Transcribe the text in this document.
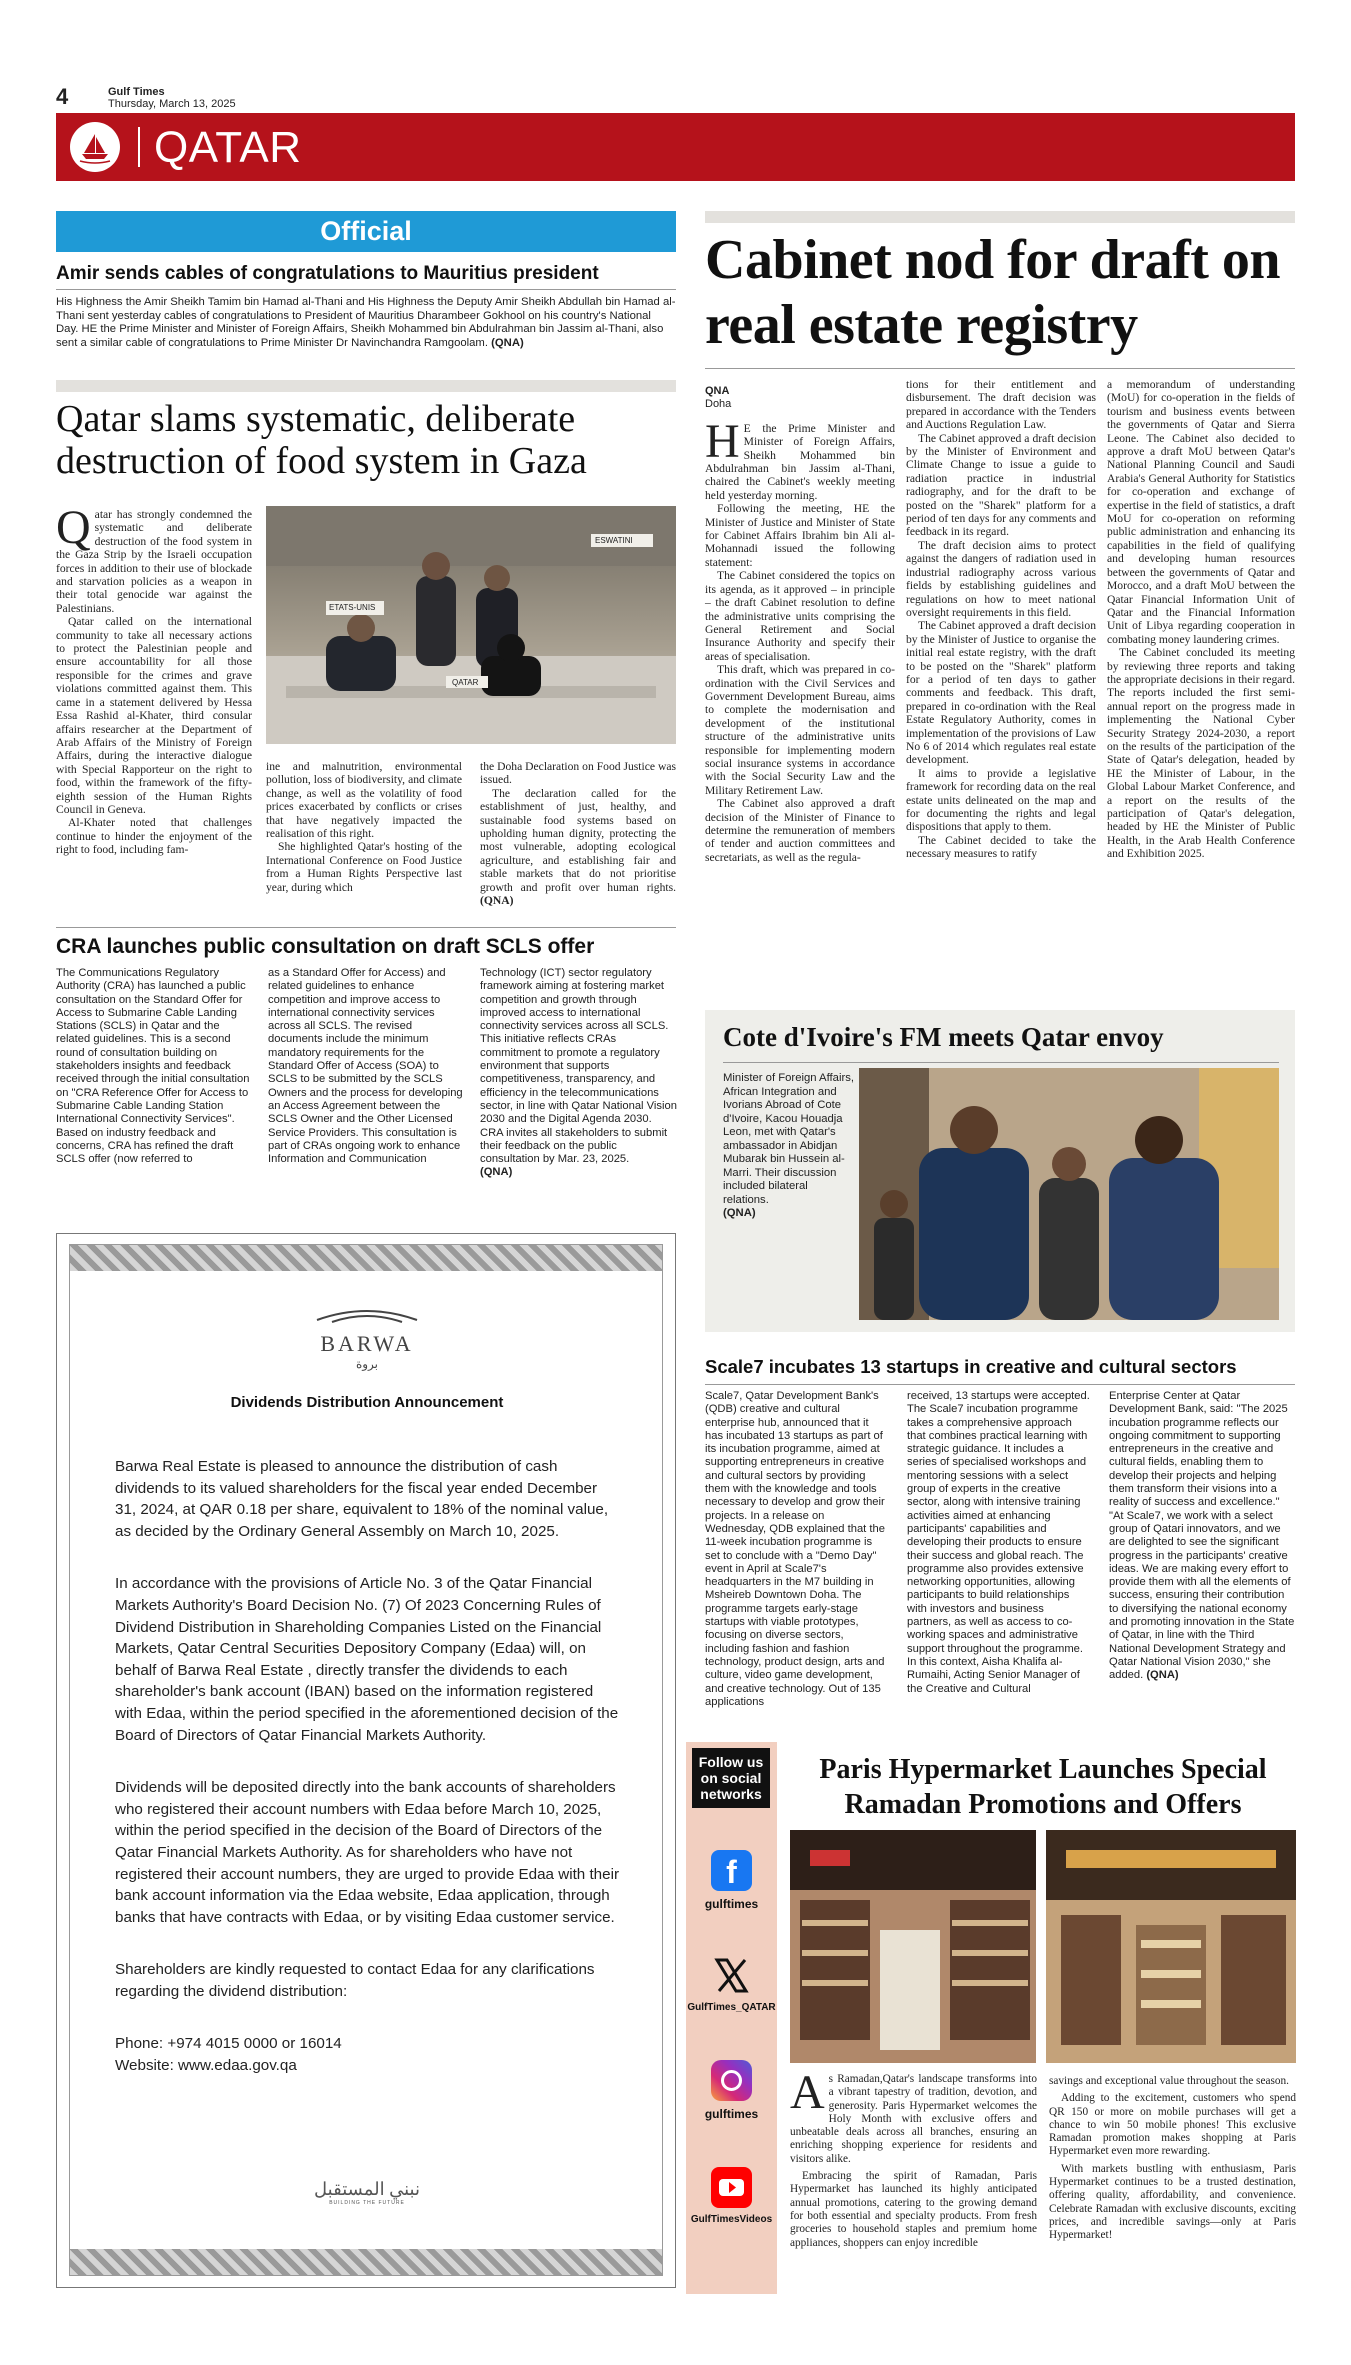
4	Gulf Times
Thursday, March 13, 2025
QATAR
Official
Amir sends cables of congratulations to Mauritius president
His Highness the Amir Sheikh Tamim bin Hamad al-Thani and His Highness the Deputy Amir Sheikh Abdullah bin Hamad al-Thani sent yesterday cables of congratulations to President of Mauritius Dharambeer Gokhool on his country's National Day. HE the Prime Minister and Minister of Foreign Affairs, Sheikh Mohammed bin Abdulrahman bin Jassim al-Thani, also sent a similar cable of congratulations to Prime Minister Dr Navinchandra Ramgoolam. (QNA)
Qatar slams systematic, deliberate destruction of food system in Gaza
Q atar has strongly condemned the systematic and deliberate destruction of the food system in the Gaza Strip by the Israeli occupation forces in addition to their use of blockade and starvation policies as a weapon in their total genocide war against the Palestinians.

Qatar called on the international community to take all necessary actions to protect the Palestinian people and ensure accountability for all those responsible for the crimes and grave violations committed against them. This came in a statement delivered by Hessa Essa Rashid al-Khater, third consular affairs researcher at the Department of Arab Affairs of the Ministry of Foreign Affairs, during the interactive dialogue with Special Rapporteur on the right to food, within the framework of the fifty-eighth session of the Human Rights Council in Geneva.

Al-Khater noted that challenges continue to hinder the enjoyment of the right to food, including fam-

ETATS-UNIS
ESWATINI
QATAR

ine and malnutrition, environmental pollution, loss of biodiversity, and climate change, as well as the volatility of food prices exacerbated by conflicts or crises that have negatively impacted the realisation of this right.

She highlighted Qatar's hosting of the International Conference on Food Justice from a Human Rights Perspective last year, during which

the Doha Declaration on Food Justice was issued.

The declaration called for the establishment of just, healthy, and sustainable food systems based on upholding human dignity, protecting the most vulnerable, adopting ecological agriculture, and establishing fair and stable markets that do not prioritise growth and profit over human rights. (QNA)

CRA launches public consultation on draft SCLS offer
The Communications Regulatory Authority (CRA) has launched a public consultation on the Standard Offer for Access to Submarine Cable Landing Stations (SCLS) in Qatar and the related guidelines. This is a second round of consultation building on stakeholders insights and feedback received through the initial consultation on "CRA Reference Offer for Access to Submarine Cable Landing Station International Connectivity Services". Based on industry feedback and concerns, CRA has refined the draft SCLS offer (now referred to
as a Standard Offer for Access) and related guidelines to enhance competition and improve access to international connectivity services across all SCLS. The revised documents include the minimum mandatory requirements for the Standard Offer of Access (SOA) to SCLS to be submitted by the SCLS Owners and the process for developing an Access Agreement between the SCLS Owner and the Other Licensed Service Providers. This consultation is part of CRAs ongoing work to enhance Information and Communication
Technology (ICT) sector regulatory framework aiming at fostering market competition and growth through improved access to international connectivity services across all SCLS. This initiative reflects CRAs commitment to promote a regulatory environment that supports competitiveness, transparency, and efficiency in the telecommunications sector, in line with Qatar National Vision 2030 and the Digital Agenda 2030. CRA invites all stakeholders to submit their feedback on the public consultation by Mar. 23, 2025.
(QNA)
BARWA
بروة
Dividends Distribution Announcement

Barwa Real Estate is pleased to announce the distribution of cash dividends to its valued shareholders for the fiscal year ended December 31, 2024, at QAR 0.18 per share, equivalent to 18% of the nominal value, as decided by the Ordinary General Assembly on March 10, 2025.

In accordance with the provisions of Article No. 3 of the Qatar Financial Markets Authority's Board Decision No. (7) Of 2023 Concerning Rules of Dividend Distribution in Shareholding Companies Listed on the Financial Markets, Qatar Central Securities Depository Company (Edaa) will, on behalf of Barwa Real Estate , directly transfer the dividends to each shareholder's bank account (IBAN) based on the information registered with Edaa, within the period specified in the aforementioned decision of the Board of Directors of Qatar Financial Markets Authority.

Dividends will be deposited directly into the bank accounts of shareholders who registered their account numbers with Edaa before March 10, 2025, within the period specified in the decision of the Board of Directors of the Qatar Financial Markets Authority. As for shareholders who have not registered their account numbers, they are urged to provide Edaa with their bank account information via the Edaa website, Edaa application, through banks that have contracts with Edaa, or by visiting Edaa customer service.

Shareholders are kindly requested to contact Edaa for any clarifications regarding the dividend distribution:

Phone: +974 4015 0000 or 16014

Website: www.edaa.gov.qa

نبني المستقبل
BUILDING THE FUTURE
Cabinet nod for draft on real estate registry
QNA
Doha
H E the Prime Minister and Minister of Foreign Affairs, Sheikh Mohammed bin Abdulrahman bin Jassim al-Thani, chaired the Cabinet's weekly meeting held yesterday morning.

Following the meeting, HE the Minister of Justice and Minister of State for Cabinet Affairs Ibrahim bin Ali al-Mohannadi issued the following statement:

The Cabinet considered the topics on its agenda, as it approved – in principle – the draft Cabinet resolution to define the administrative units comprising the General Retirement and Social Insurance Authority and specify their areas of specialisation.

This draft, which was prepared in co-ordination with the Civil Services and Government Development Bureau, aims to complete the modernisation and development of the institutional structure of the administrative units responsible for implementing modern social insurance systems in accordance with the Social Security Law and the Military Retirement Law.

The Cabinet also approved a draft decision of the Minister of Finance to determine the remuneration of members of tender and auction committees and secretariats, as well as the regula-

tions for their entitlement and disbursement. The draft decision was prepared in accordance with the Tenders and Auctions Regulation Law.

The Cabinet approved a draft decision by the Minister of Environment and Climate Change to issue a guide to radiation practice in industrial radiography, and for the draft to be posted on the "Sharek" platform for a period of ten days for any comments and feedback in its regard.

The draft decision aims to protect against the dangers of radiation used in industrial radiography across various fields by establishing guidelines and regulations on how to meet national oversight requirements in this field.

The Cabinet approved a draft decision by the Minister of Justice to organise the initial real estate registry, with the draft to be posted on the "Sharek" platform for a period of ten days to gather comments and feedback. This draft, prepared in co-ordination with the Real Estate Regulatory Authority, comes in implementation of the provisions of Law No 6 of 2014 which regulates real estate development.

It aims to provide a legislative framework for recording data on the real estate units delineated on the map and for documenting the rights and legal dispositions that apply to them.

The Cabinet decided to take the necessary measures to ratify

a memorandum of understanding (MoU) for co-operation in the fields of tourism and business events between the governments of Qatar and Sierra Leone. The Cabinet also decided to approve a draft MoU between Qatar's National Planning Council and Saudi Arabia's General Authority for Statistics for co-operation and exchange of expertise in the field of statistics, a draft MoU for co-operation on reforming public administration and enhancing its capabilities in the field of qualifying and developing human resources between the governments of Qatar and Morocco, and a draft MoU between the Qatar Financial Information Unit of Qatar and the Financial Information Unit of Libya regarding cooperation in combating money laundering crimes.

The Cabinet concluded its meeting by reviewing three reports and taking the appropriate decisions in their regard. The reports included the first semi-annual report on the progress made in implementing the National Cyber Security Strategy 2024-2030, a report on the results of the participation of the State of Qatar's delegation, headed by HE the Minister of Labour, in the Global Labour Market Conference, and a report on the results of the participation of Qatar's delegation, headed by HE the Minister of Public Health, in the Arab Health Conference and Exhibition 2025.

Cote d'Ivoire's FM meets Qatar envoy
Minister of Foreign Affairs, African Integration and Ivorians Abroad of Cote d'Ivoire, Kacou Houadja Leon, met with Qatar's ambassador in Abidjan Mubarak bin Hussein al-Marri. Their discussion included bilateral relations.
(QNA)
Scale7 incubates 13 startups in creative and cultural sectors
Scale7, Qatar Development Bank's (QDB) creative and cultural enterprise hub, announced that it has incubated 13 startups as part of its incubation programme, aimed at supporting entrepreneurs in creative and cultural sectors by providing them with the knowledge and tools necessary to develop and grow their projects. In a release on Wednesday, QDB explained that the 11-week incubation programme is set to conclude with a "Demo Day" event in April at Scale7's headquarters in the M7 building in Msheireb Downtown Doha. The programme targets early-stage startups with viable prototypes, focusing on diverse sectors, including fashion and fashion technology, product design, arts and culture, video game development, and creative technology. Out of 135 applications
received, 13 startups were accepted. The Scale7 incubation programme takes a comprehensive approach that combines practical learning with strategic guidance. It includes a series of specialised workshops and mentoring sessions with a select group of experts in the creative sector, along with intensive training activities aimed at enhancing participants' capabilities and developing their products to ensure their success and global reach. The programme also provides extensive networking opportunities, allowing participants to build relationships with investors and business partners, as well as access to co-working spaces and administrative support throughout the programme. In this context, Aisha Khalifa al-Rumaihi, Acting Senior Manager of the Creative and Cultural
Enterprise Center at Qatar Development Bank, said: "The 2025 incubation programme reflects our ongoing commitment to supporting entrepreneurs in the creative and cultural fields, enabling them to develop their projects and helping them transform their visions into a reality of success and excellence." "At Scale7, we work with a select group of Qatari innovators, and we are delighted to see the significant progress in the participants' creative ideas. We are making every effort to provide them with all the elements of success, ensuring their contribution to diversifying the national economy and promoting innovation in the State of Qatar, in line with the Third National Development Strategy and Qatar National Vision 2030," she added. (QNA)
Follow us on social networks
f
gulftimes
GulfTimes_QATAR
gulftimes
GulfTimesVideos
Paris Hypermarket Launches Special Ramadan Promotions and Offers
A s Ramadan,Qatar's landscape transforms into a vibrant tapestry of tradition, devotion, and generosity. Paris Hypermarket welcomes the Holy Month with exclusive offers and unbeatable deals across all branches, ensuring an enriching shopping experience for residents and visitors alike.

Embracing the spirit of Ramadan, Paris Hypermarket has launched its highly anticipated annual promotions, catering to the growing demand for both essential and specialty products. From fresh groceries to household staples and premium home appliances, shoppers can enjoy incredible

savings and exceptional value throughout the season.

Adding to the excitement, customers who spend QR 150 or more on mobile purchases will get a chance to win 50 mobile phones! This exclusive Ramadan promotion makes shopping at Paris Hypermarket even more rewarding.

With markets bustling with enthusiasm, Paris Hypermarket continues to be a trusted destination, offering quality, affordability, and convenience. Celebrate Ramadan with exclusive discounts, exciting prices, and incredible savings—only at Paris Hypermarket!
